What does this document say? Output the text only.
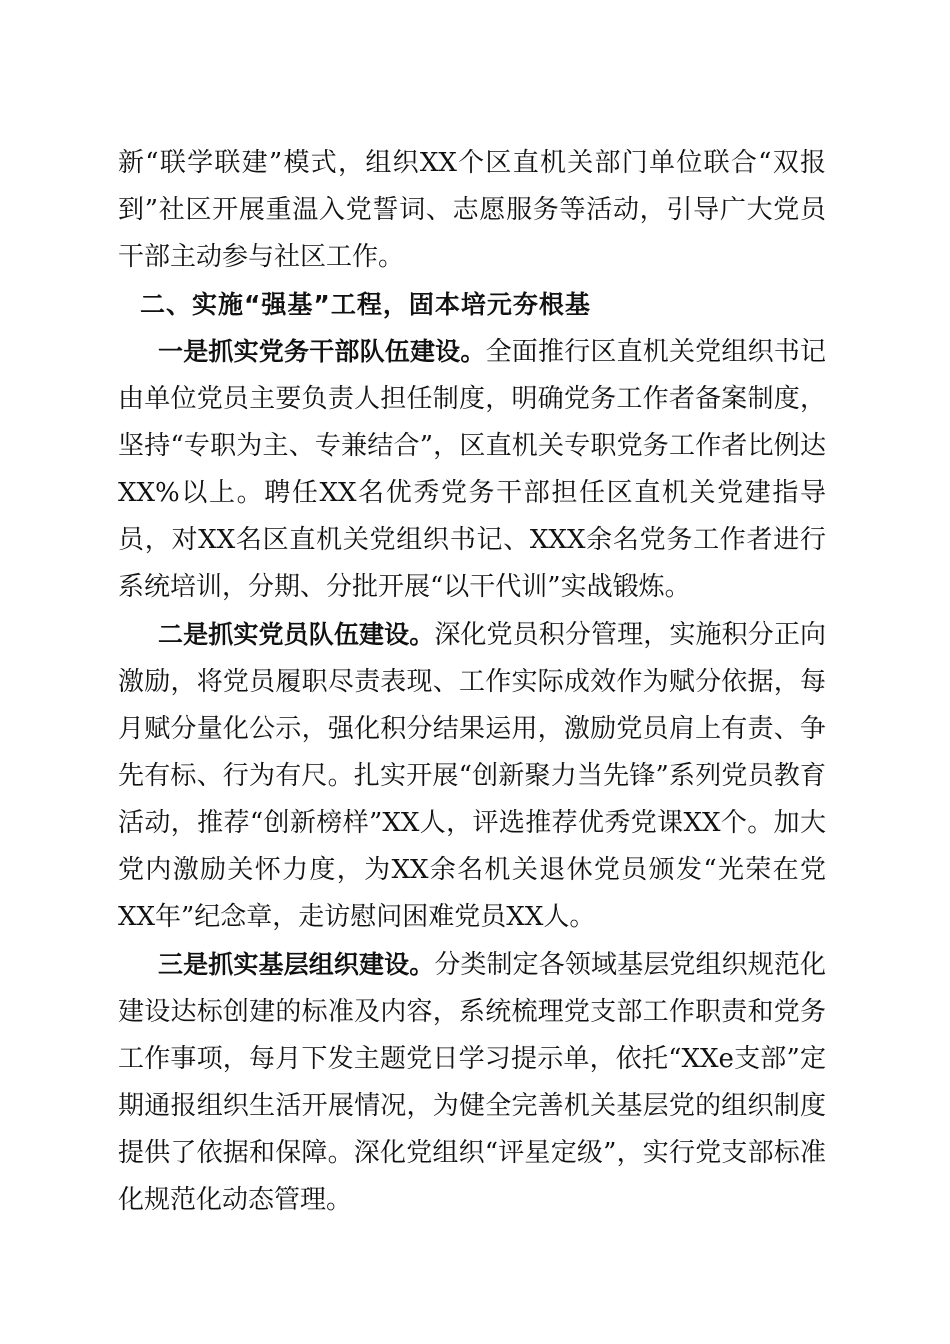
新“联学联建”模式，组织XX个区直机关部门单位联合“双报到”社区开展重温入党誓词、志愿服务等活动，引导广大党员干部主动参与社区工作。

二、实施“强基”工程，固本培元夯根基

一是抓实党务干部队伍建设。全面推行区直机关党组织书记由单位党员主要负责人担任制度，明确党务工作者备案制度，坚持“专职为主、专兼结合”，区直机关专职党务工作者比例达XX%以上。聘任XX名优秀党务干部担任区直机关党建指导员，对XX名区直机关党组织书记、XXX余名党务工作者进行系统培训，分期、分批开展“以干代训”实战锻炼。

二是抓实党员队伍建设。深化党员积分管理，实施积分正向激励，将党员履职尽责表现、工作实际成效作为赋分依据，每月赋分量化公示，强化积分结果运用，激励党员肩上有责、争先有标、行为有尺。扎实开展“创新聚力当先锋”系列党员教育活动，推荐“创新榜样”XX人，评选推荐优秀党课XX个。加大党内激励关怀力度，为XX余名机关退休党员颁发“光荣在党XX年”纪念章，走访慰问困难党员XX人。

三是抓实基层组织建设。分类制定各领域基层党组织规范化建设达标创建的标准及内容，系统梳理党支部工作职责和党务工作事项，每月下发主题党日学习提示单，依托“XXe支部”定期通报组织生活开展情况，为健全完善机关基层党的组织制度提供了依据和保障。深化党组织“评星定级”，实行党支部标准化规范化动态管理。
